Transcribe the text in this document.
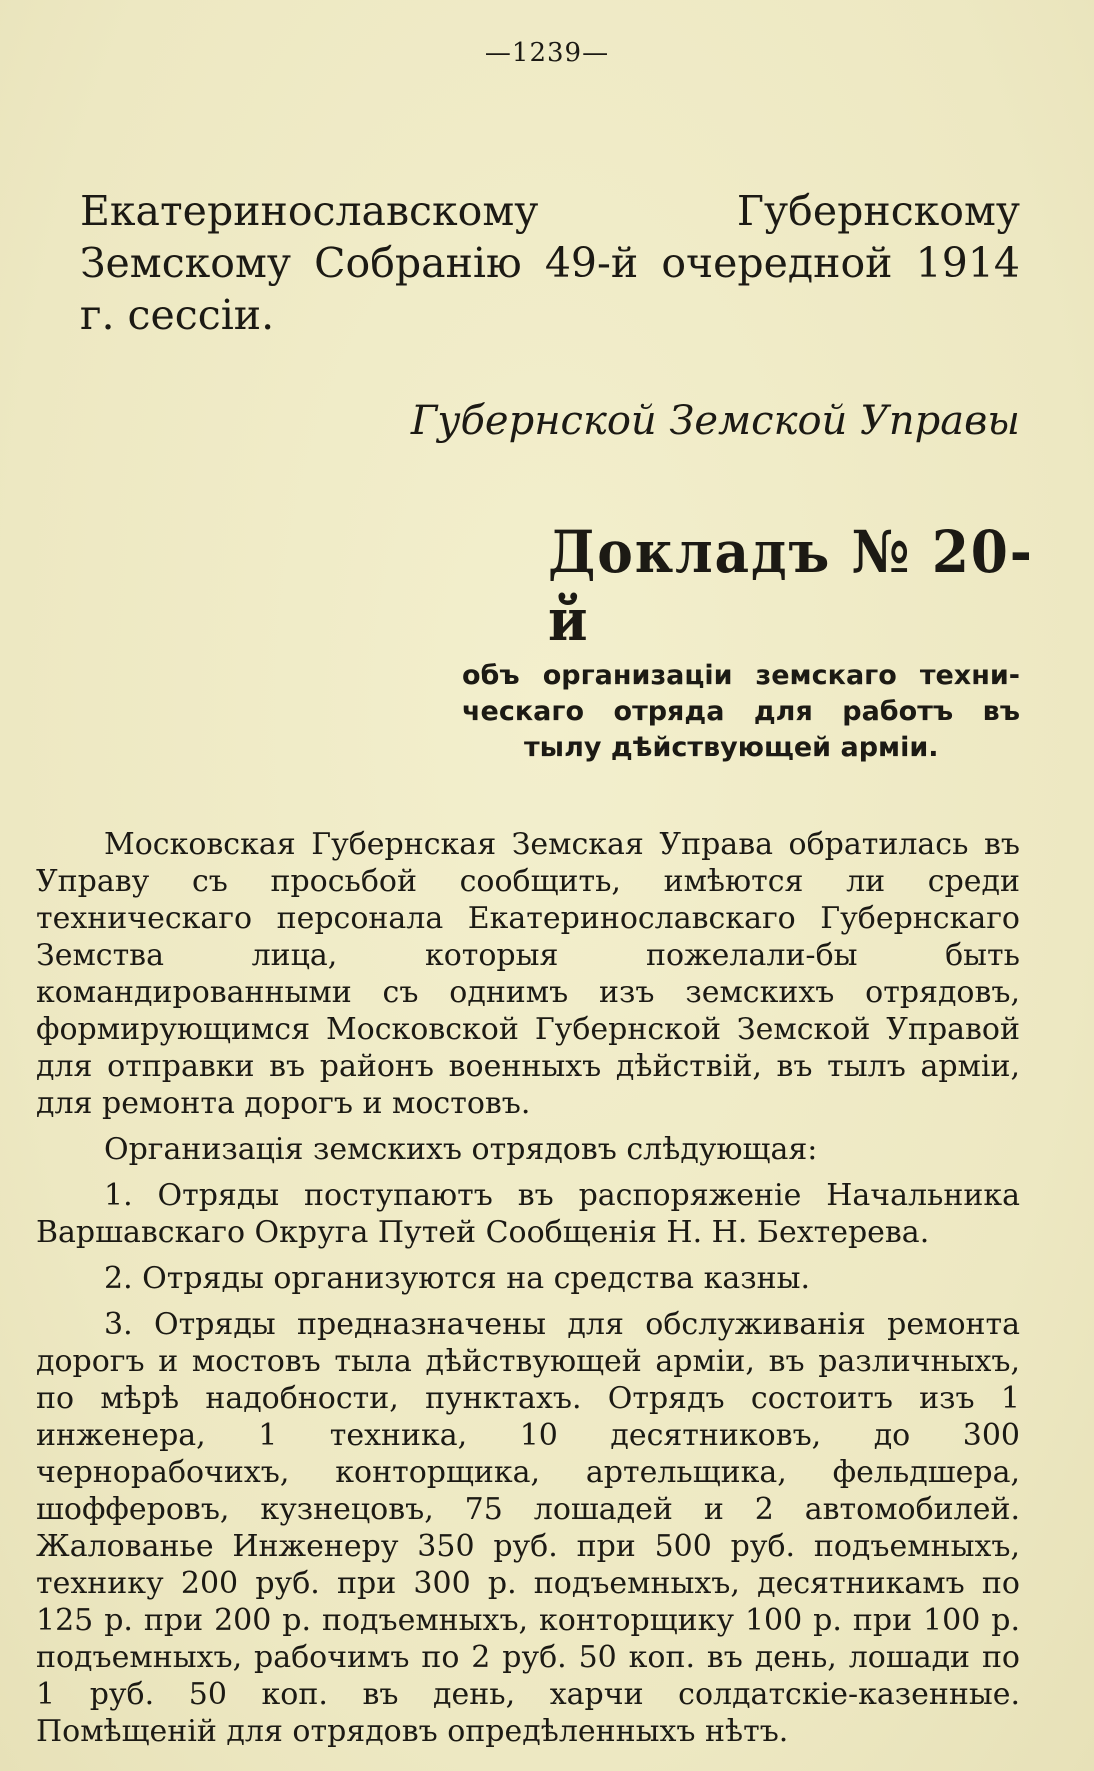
—1239—
Екатеринославскому Губернскому Земскому Собранію 49-й очередной 1914 г. сессіи.
Губернской Земской Управы
Докладъ № 20-й
объ организаціи земскаго техни-
ческаго отряда для работъ въ
тылу дѣйствующей арміи.

Московская Губернская Земская Управа обратилась въ Управу съ просьбой сообщить, имѣются ли среди техническаго персонала Екатеринославскаго Губернскаго Земства лица, которыя пожелали-бы быть командированными съ однимъ изъ земскихъ отрядовъ, формирующимся Московской Губернской Земской Управой для отправки въ районъ военныхъ дѣйствій, въ тылъ арміи, для ремонта дорогъ и мостовъ.

Организація земскихъ отрядовъ слѣдующая:

1. Отряды поступаютъ въ распоряженіе Начальника Варшавскаго Округа Путей Сообщенія Н. Н. Бехтерева.

2. Отряды организуются на средства казны.

3. Отряды предназначены для обслуживанія ремонта дорогъ и мостовъ тыла дѣйствующей арміи, въ различныхъ, по мѣрѣ надобности, пунктахъ. Отрядъ состоитъ изъ 1 инженера, 1 техника, 10 десятниковъ, до 300 чернорабочихъ, конторщика, артельщика, фельдшера, шофферовъ, кузнецовъ, 75 лошадей и 2 автомобилей. Жалованье Инженеру 350 руб. при 500 руб. подъемныхъ, технику 200 руб. при 300 р. подъемныхъ, десятникамъ по 125 р. при 200 р. подъемныхъ, конторщику 100 р. при 100 р. подъемныхъ, рабочимъ по 2 руб. 50 коп. въ день, лошади по 1 руб. 50 коп. въ день, харчи солдатскіе-казенные. Помѣщеній для отрядовъ опредѣленныхъ нѣтъ.
